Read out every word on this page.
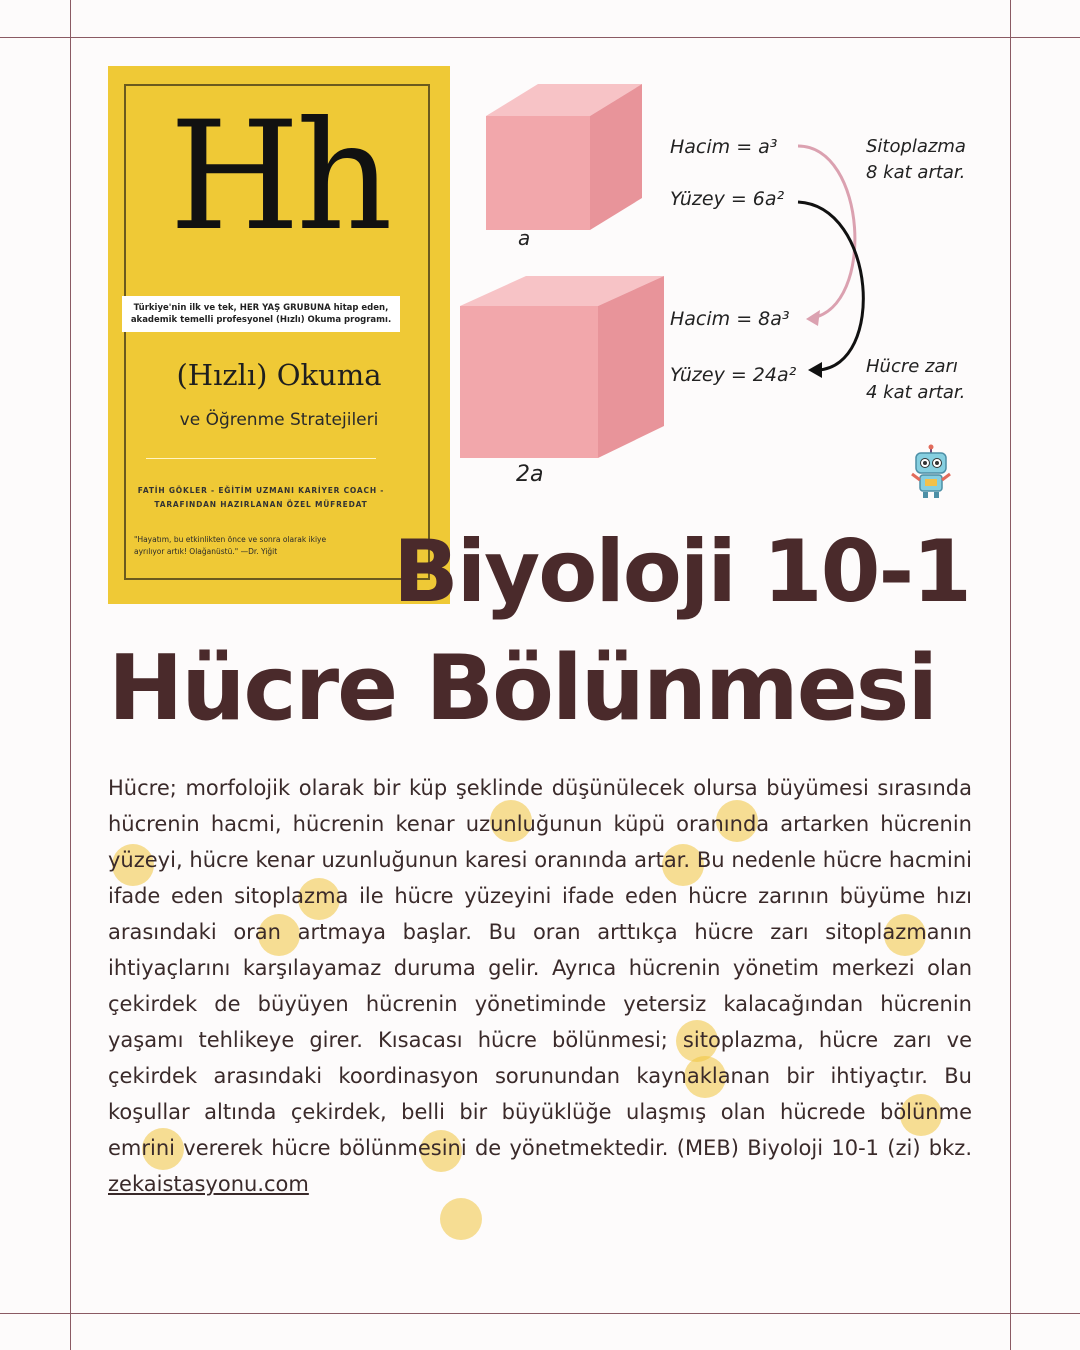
Hh
Türkiye'nin ilk ve tek, HER YAŞ GRUBUNA hitap eden,
akademik temelli profesyonel (Hızlı) Okuma programı.
(Hızlı) Okuma
ve Öğrenme Stratejileri
FATİH GÖKLER - EĞİTİM UZMANI KARİYER COACH -
TARAFINDAN HAZIRLANAN ÖZEL MÜFREDAT
"Hayatım, bu etkinlikten önce ve sonra olarak ikiye
ayrılıyor artık! Olağanüstü." —Dr. Yiğit
a
2a
Hacim = a³
Yüzey = 6a²
Hacim = 8a³
Yüzey = 24a²
Sitoplazma
8 kat artar.
Hücre zarı
4 kat artar.
Biyoloji 10-1
Hücre Bölünmesi
Hücre; morfolojik olarak bir küp şeklinde düşünülecek olursa büyümesi sırasında hücrenin hacmi, hücrenin kenar uzunluğunun küpü oranında artarken hücrenin yüzeyi, hücre kenar uzunluğunun karesi oranında artar. Bu nedenle hücre hacmini ifade eden sitoplazma ile hücre yüzeyini ifade eden hücre zarının büyüme hızı arasındaki oran artmaya başlar. Bu oran arttıkça hücre zarı sitoplazmanın ihtiyaçlarını karşılayamaz duruma gelir. Ayrıca hücrenin yönetim merkezi olan çekirdek de büyüyen hücrenin yönetiminde yetersiz kalacağından hücrenin yaşamı tehlikeye girer. Kısacası hücre bölünmesi; sitoplazma, hücre zarı ve çekirdek arasındaki koordinasyon sorunundan kaynaklanan bir ihtiyaçtır. Bu koşullar altında çekirdek, belli bir büyüklüğe ulaşmış olan hücrede bölünme emrini vererek hücre bölünmesini de yönetmektedir. (MEB) Biyoloji 10-1 (zi) bkz. zekaistasyonu.com
